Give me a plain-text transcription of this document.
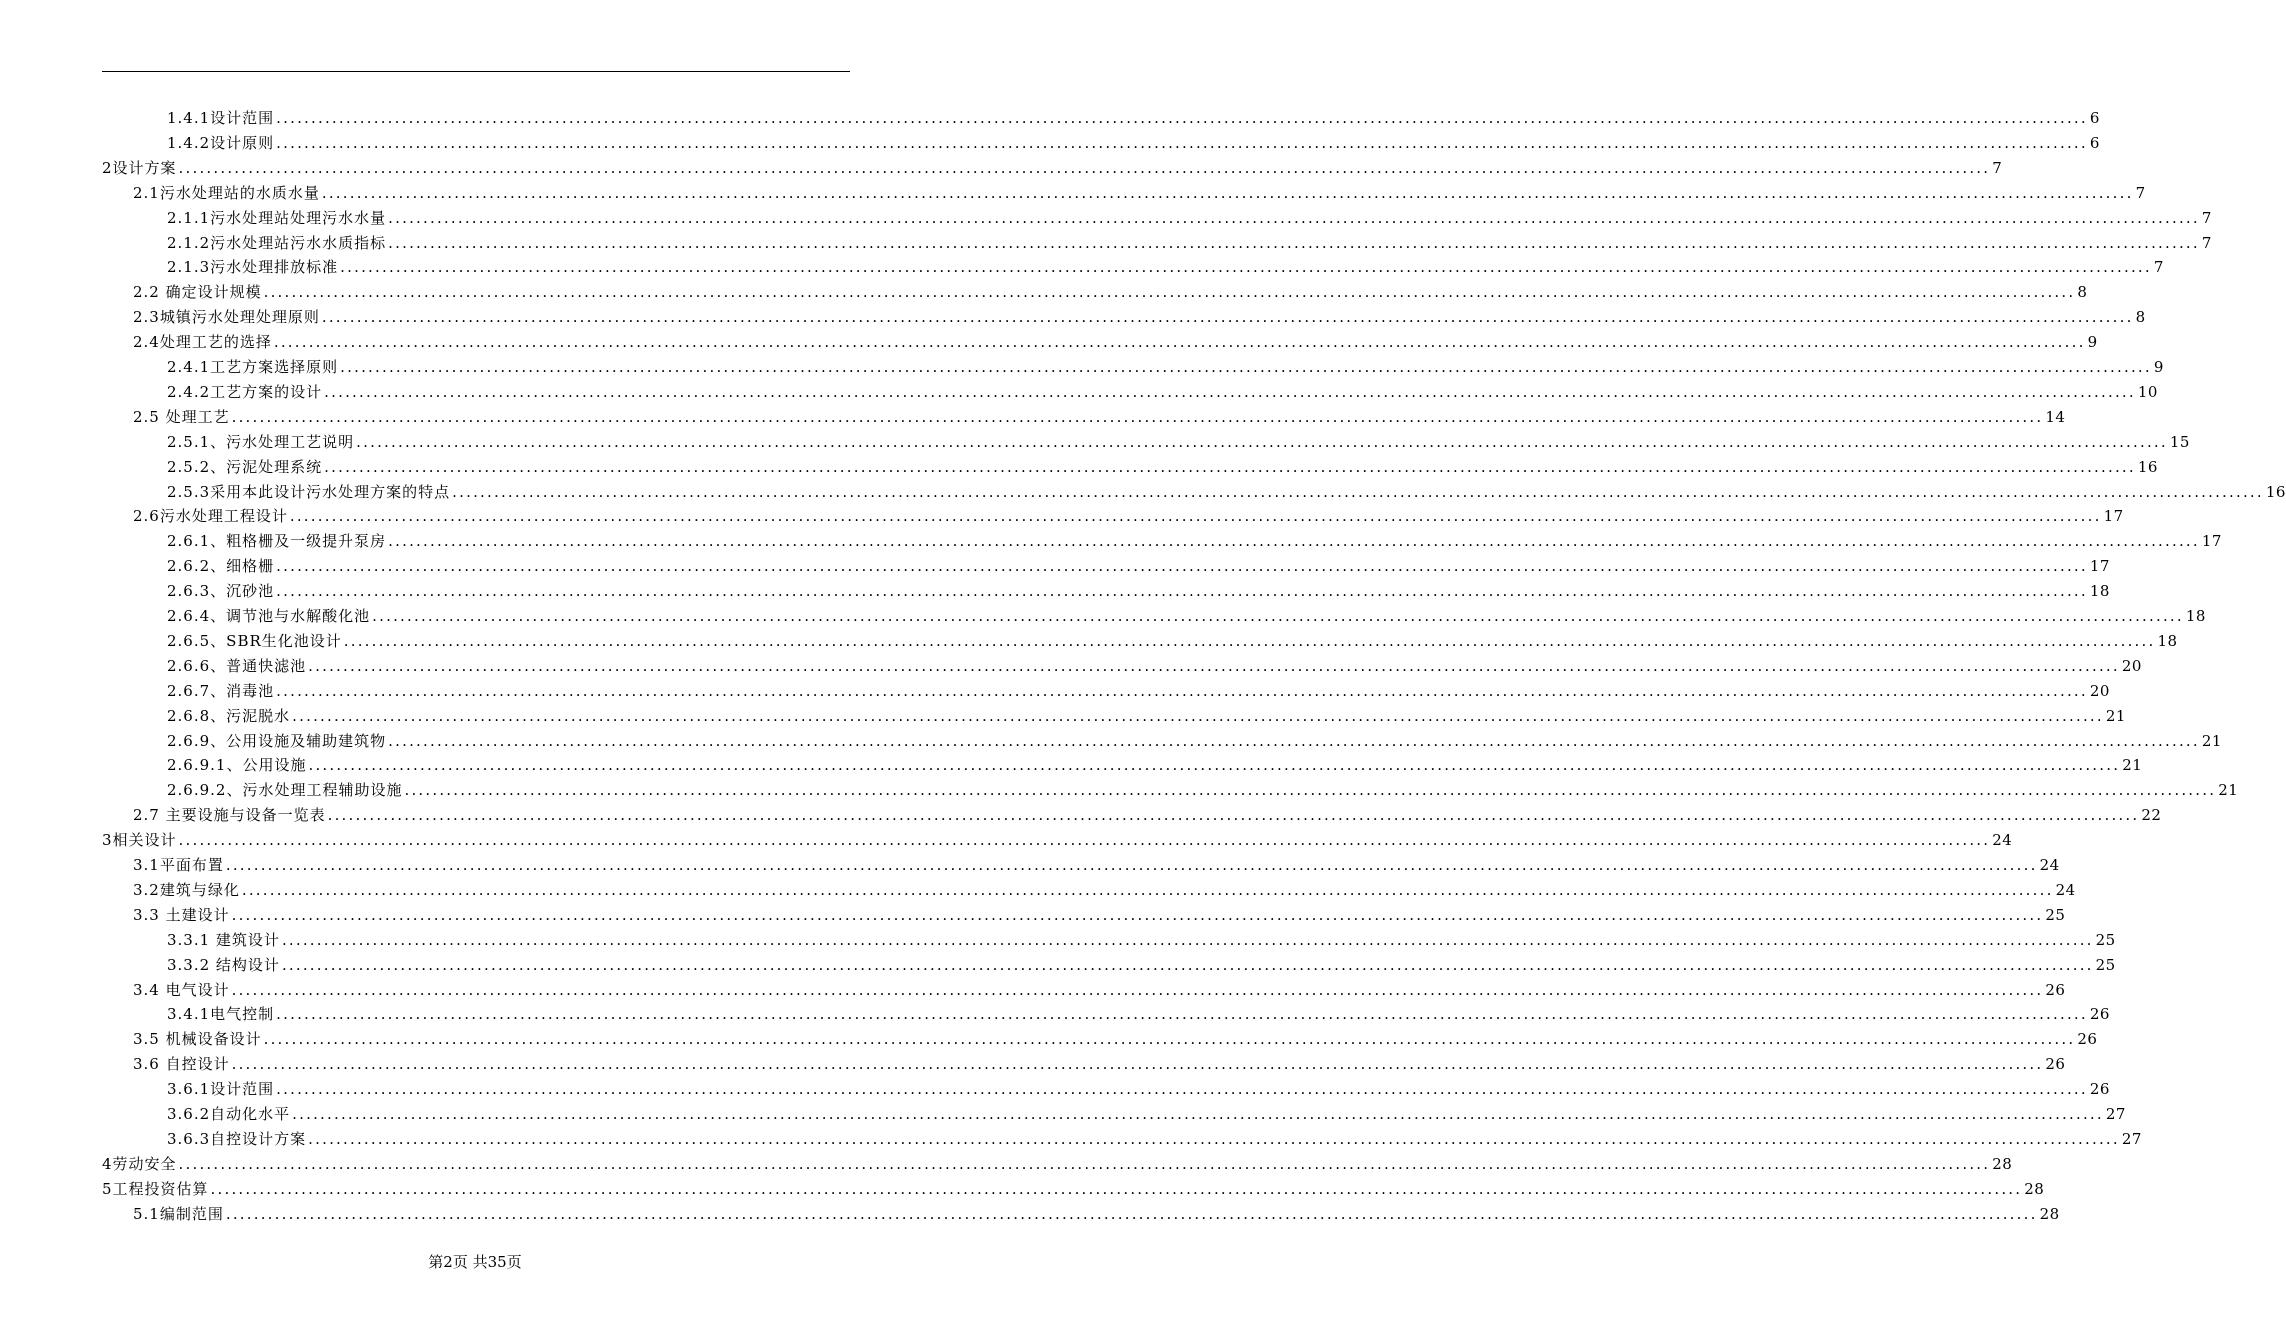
1.4.1设计范围 .................................................................................................................................................................................................................................................................... 6
1.4.2设计原则 .................................................................................................................................................................................................................................................................... 6
2设计方案 .................................................................................................................................................................................................................................................................... 7
2.1污水处理站的水质水量 .................................................................................................................................................................................................................................................................... 7
2.1.1污水处理站处理污水水量 .................................................................................................................................................................................................................................................................... 7
2.1.2污水处理站污水水质指标 .................................................................................................................................................................................................................................................................... 7
2.1.3污水处理排放标准 .................................................................................................................................................................................................................................................................... 7
2.2 确定设计规模 .................................................................................................................................................................................................................................................................... 8
2.3城镇污水处理处理原则 .................................................................................................................................................................................................................................................................... 8
2.4处理工艺的选择 .................................................................................................................................................................................................................................................................... 9
2.4.1工艺方案选择原则 .................................................................................................................................................................................................................................................................... 9
2.4.2工艺方案的设计 .................................................................................................................................................................................................................................................................... 10
2.5 处理工艺 .................................................................................................................................................................................................................................................................... 14
2.5.1、污水处理工艺说明 .................................................................................................................................................................................................................................................................... 15
2.5.2、污泥处理系统 .................................................................................................................................................................................................................................................................... 16
2.5.3采用本此设计污水处理方案的特点 .................................................................................................................................................................................................................................................................... 16
2.6污水处理工程设计 .................................................................................................................................................................................................................................................................... 17
2.6.1、粗格栅及一级提升泵房 .................................................................................................................................................................................................................................................................... 17
2.6.2、细格栅 .................................................................................................................................................................................................................................................................... 17
2.6.3、沉砂池 .................................................................................................................................................................................................................................................................... 18
2.6.4、调节池与水解酸化池 .................................................................................................................................................................................................................................................................... 18
2.6.5、SBR生化池设计 .................................................................................................................................................................................................................................................................... 18
2.6.6、普通快滤池 .................................................................................................................................................................................................................................................................... 20
2.6.7、消毒池 .................................................................................................................................................................................................................................................................... 20
2.6.8、污泥脱水 .................................................................................................................................................................................................................................................................... 21
2.6.9、公用设施及辅助建筑物 .................................................................................................................................................................................................................................................................... 21
2.6.9.1、公用设施 .................................................................................................................................................................................................................................................................... 21
2.6.9.2、污水处理工程辅助设施 .................................................................................................................................................................................................................................................................... 21
2.7 主要设施与设备一览表 .................................................................................................................................................................................................................................................................... 22
3相关设计 .................................................................................................................................................................................................................................................................... 24
3.1平面布置 .................................................................................................................................................................................................................................................................... 24
3.2建筑与绿化 .................................................................................................................................................................................................................................................................... 24
3.3 土建设计 .................................................................................................................................................................................................................................................................... 25
3.3.1 建筑设计 .................................................................................................................................................................................................................................................................... 25
3.3.2 结构设计 .................................................................................................................................................................................................................................................................... 25
3.4 电气设计 .................................................................................................................................................................................................................................................................... 26
3.4.1电气控制 .................................................................................................................................................................................................................................................................... 26
3.5 机械设备设计 .................................................................................................................................................................................................................................................................... 26
3.6 自控设计 .................................................................................................................................................................................................................................................................... 26
3.6.1设计范围 .................................................................................................................................................................................................................................................................... 26
3.6.2自动化水平 .................................................................................................................................................................................................................................................................... 27
3.6.3自控设计方案 .................................................................................................................................................................................................................................................................... 27
4劳动安全 .................................................................................................................................................................................................................................................................... 28
5工程投资估算 .................................................................................................................................................................................................................................................................... 28
5.1编制范围 .................................................................................................................................................................................................................................................................... 28
第2页 共35页
